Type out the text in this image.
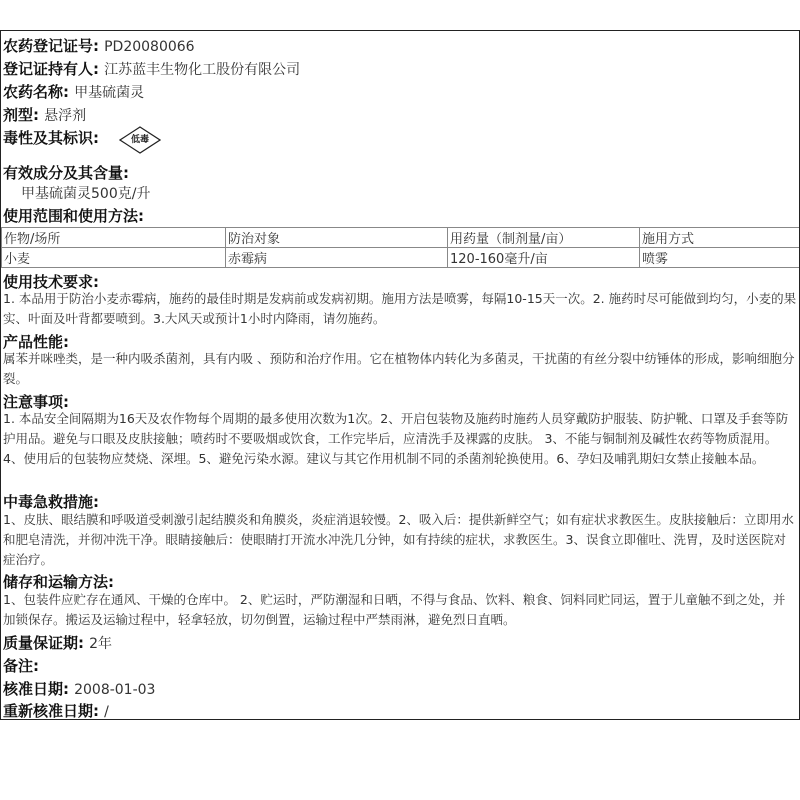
农药登记证号: PD20080066
登记证持有人: 江苏蓝丰生物化工股份有限公司
农药名称: 甲基硫菌灵
剂型: 悬浮剂
毒性及其标识:	低毒
有效成分及其含量:
甲基硫菌灵500克/升
使用范围和使用方法:
作物/场所	防治对象	用药量（制剂量/亩）	施用方式
小麦	赤霉病	120-160毫升/亩	喷雾
使用技术要求:
1. 本品用于防治小麦赤霉病，施药的最佳时期是发病前或发病初期。施用方法是喷雾，每隔10-15天一次。2. 施药时尽可能做到均匀，小麦的果实、叶面及叶背都要喷到。3.大风天或预计1小时内降雨，请勿施药。
产品性能:
属苯并咪唑类，是一种内吸杀菌剂，具有内吸 、预防和治疗作用。它在植物体内转化为多菌灵，干扰菌的有丝分裂中纺锤体的形成，影响细胞分裂。
注意事项:
1. 本品安全间隔期为16天及农作物每个周期的最多使用次数为1次。2、开启包装物及施药时施药人员穿戴防护服装、防护靴、口罩及手套等防护用品。避免与口眼及皮肤接触；喷药时不要吸烟或饮食，工作完毕后，应清洗手及裸露的皮肤。 3、不能与铜制剂及碱性农药等物质混用。4、使用后的包装物应焚烧、深埋。5、避免污染水源。建议与其它作用机制不同的杀菌剂轮换使用。6、孕妇及哺乳期妇女禁止接触本品。
中毒急救措施:
1、皮肤、眼结膜和呼吸道受刺激引起结膜炎和角膜炎，炎症消退较慢。2、吸入后：提供新鲜空气；如有症状求教医生。皮肤接触后：立即用水和肥皂清洗，并彻冲洗干净。眼睛接触后：使眼睛打开流水冲洗几分钟，如有持续的症状，求教医生。3、误食立即催吐、洗胃，及时送医院对症治疗。
储存和运输方法:
1、包装件应贮存在通风、干燥的仓库中。 2、贮运时，严防潮湿和日晒，不得与食品、饮料、粮食、饲料同贮同运，置于儿童触不到之处，并加锁保存。搬运及运输过程中，轻拿轻放，切勿倒置，运输过程中严禁雨淋，避免烈日直晒。
质量保证期: 2年
备注:
核准日期: 2008-01-03
重新核准日期: /
